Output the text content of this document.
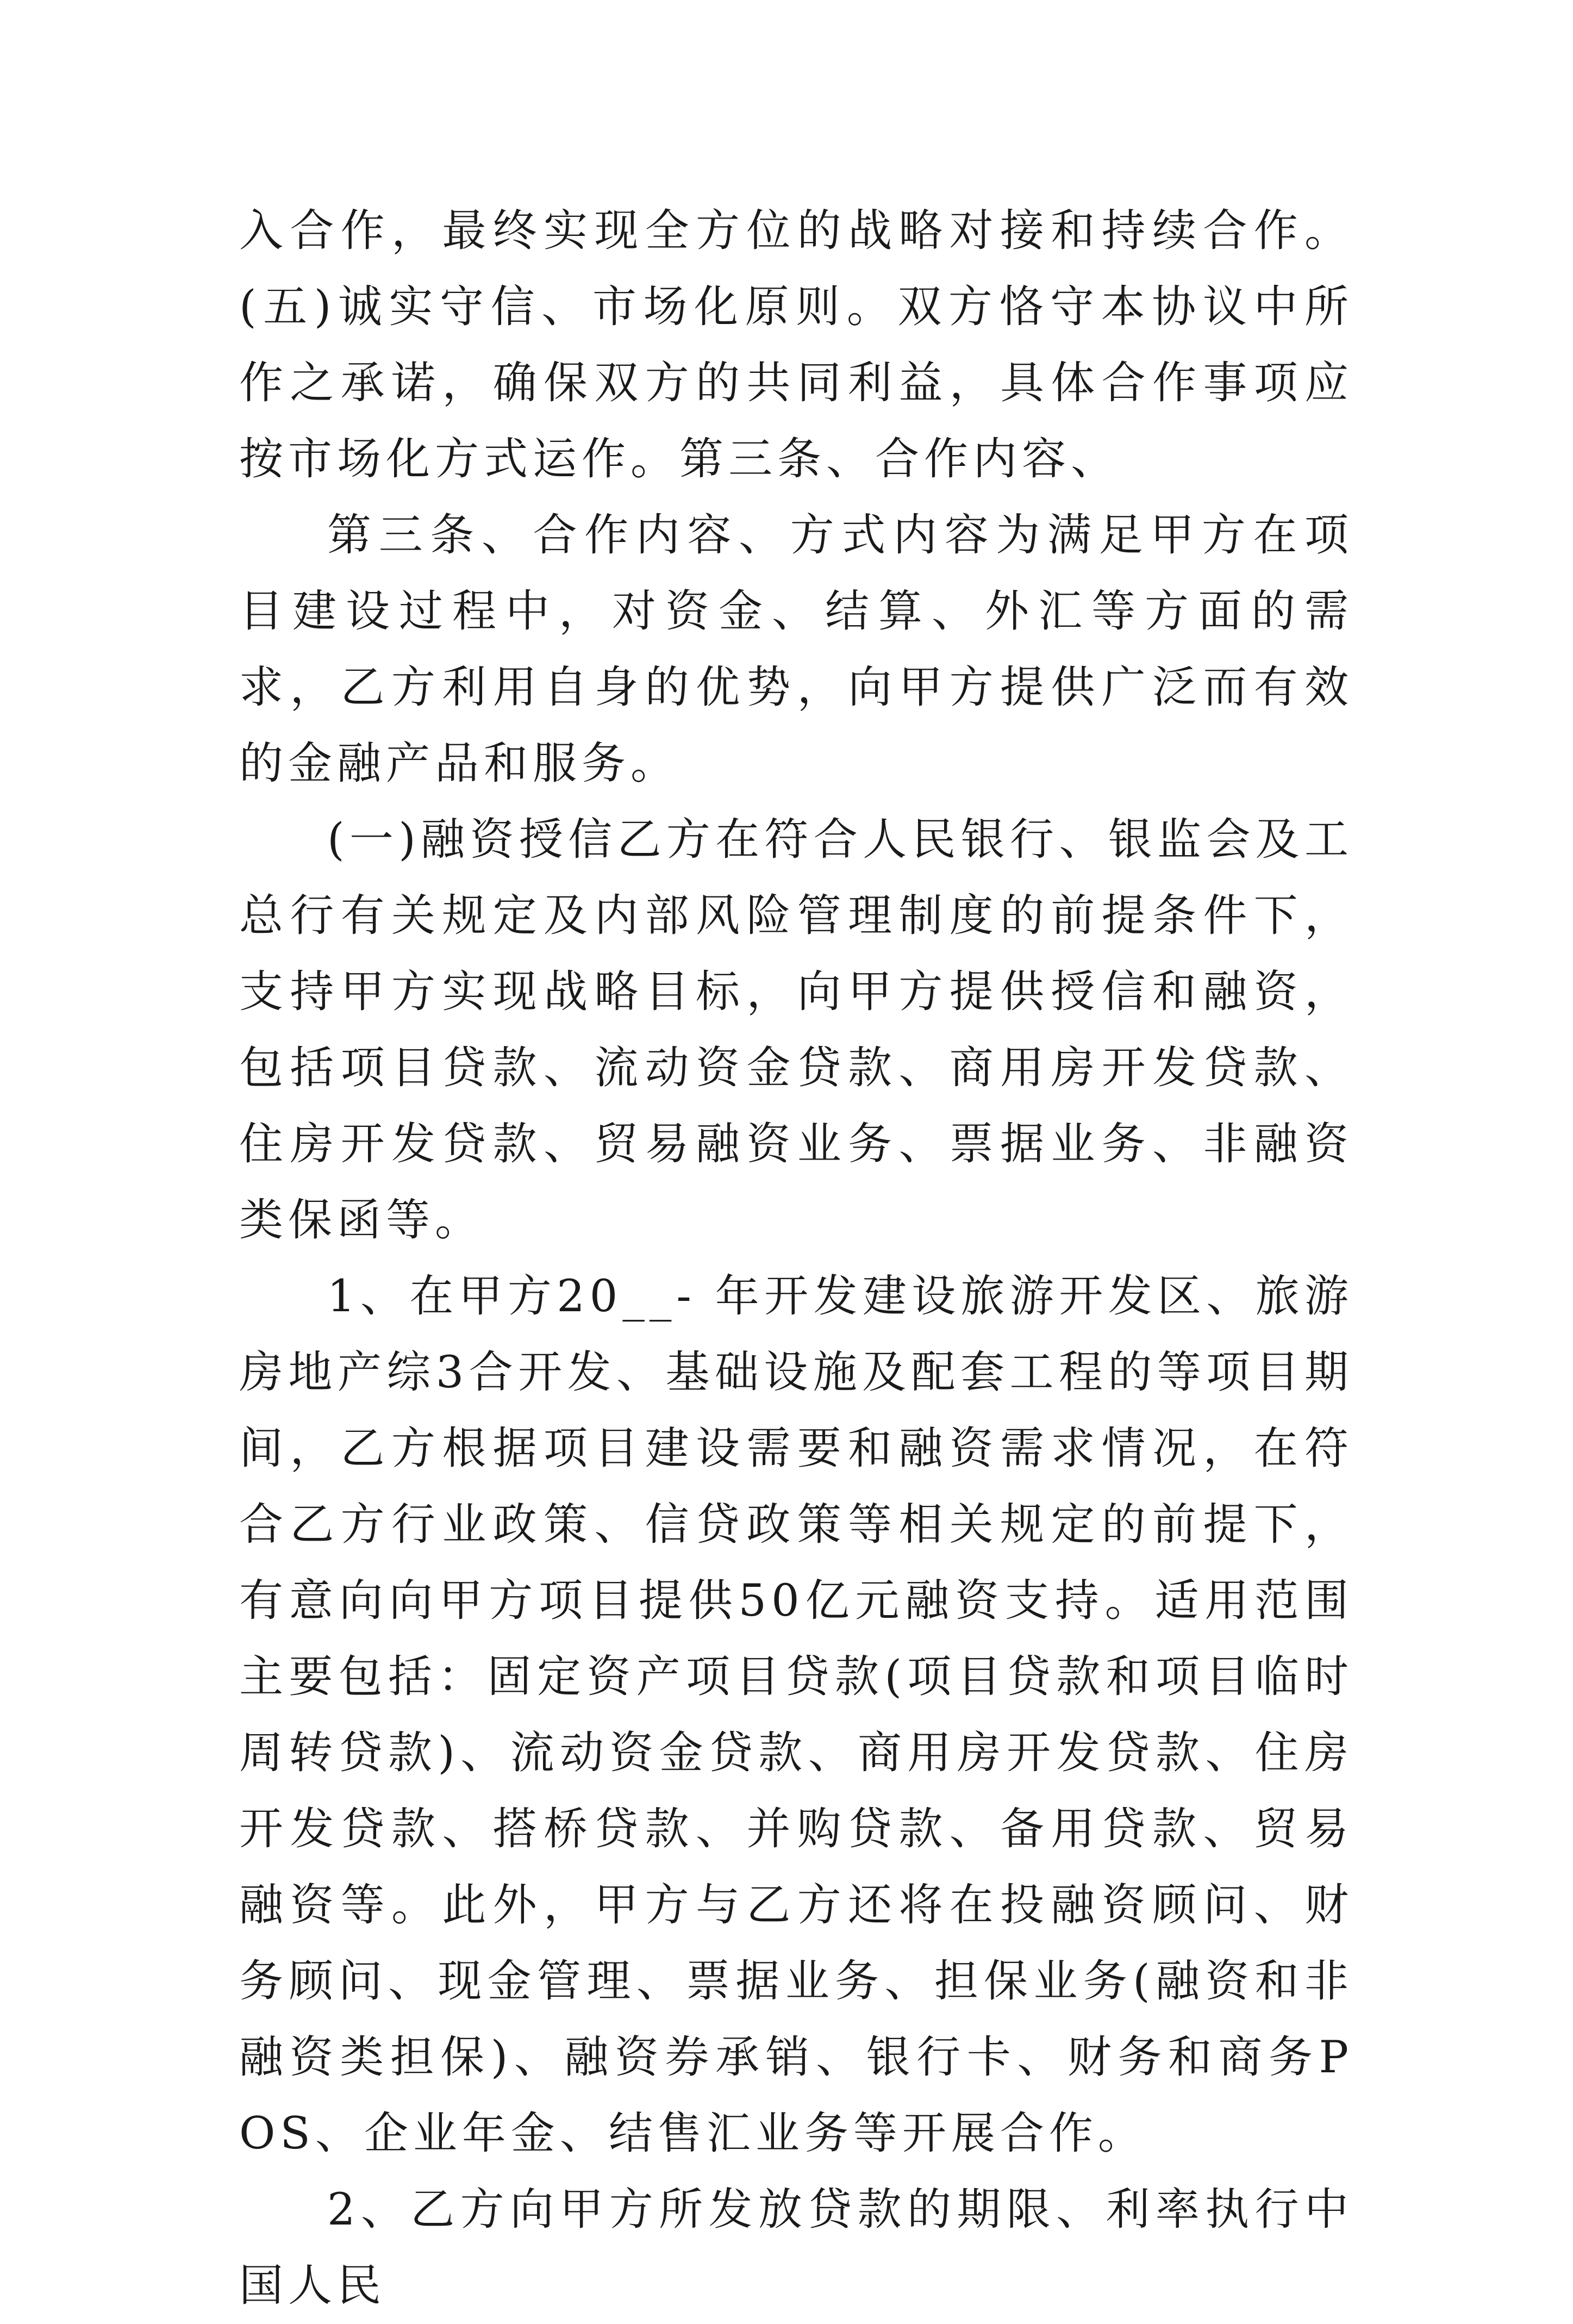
入合作，最终实现全方位的战略对接和持续合作。(五)诚实守信、市场化原则。双方恪守本协议中所作之承诺，确保双方的共同利益，具体合作事项应按市场化方式运作。第三条、合作内容、

第三条、合作内容、方式内容为满足甲方在项目建设过程中，对资金、结算、外汇等方面的需求，乙方利用自身的优势，向甲方提供广泛而有效的金融产品和服务。

(一)融资授信乙方在符合人民银行、银监会及工总行有关规定及内部风险管理制度的前提条件下，支持甲方实现战略目标，向甲方提供授信和融资，包括项目贷款、流动资金贷款、商用房开发贷款、住房开发贷款、贸易融资业务、票据业务、非融资类保函等。

1、在甲方20__- 年开发建设旅游开发区、旅游房地产综3合开发、基础设施及配套工程的等项目期间，乙方根据项目建设需要和融资需求情况，在符合乙方行业政策、信贷政策等相关规定的前提下，有意向向甲方项目提供50亿元融资支持。适用范围主要包括：固定资产项目贷款(项目贷款和项目临时周转贷款)、流动资金贷款、商用房开发贷款、住房开发贷款、搭桥贷款、并购贷款、备用贷款、贸易融资等。此外，甲方与乙方还将在投融资顾问、财务顾问、现金管理、票据业务、担保业务(融资和非融资类担保)、融资券承销、银行卡、财务和商务POS、企业年金、结售汇业务等开展合作。

2、乙方向甲方所发放贷款的期限、利率执行中国人民
